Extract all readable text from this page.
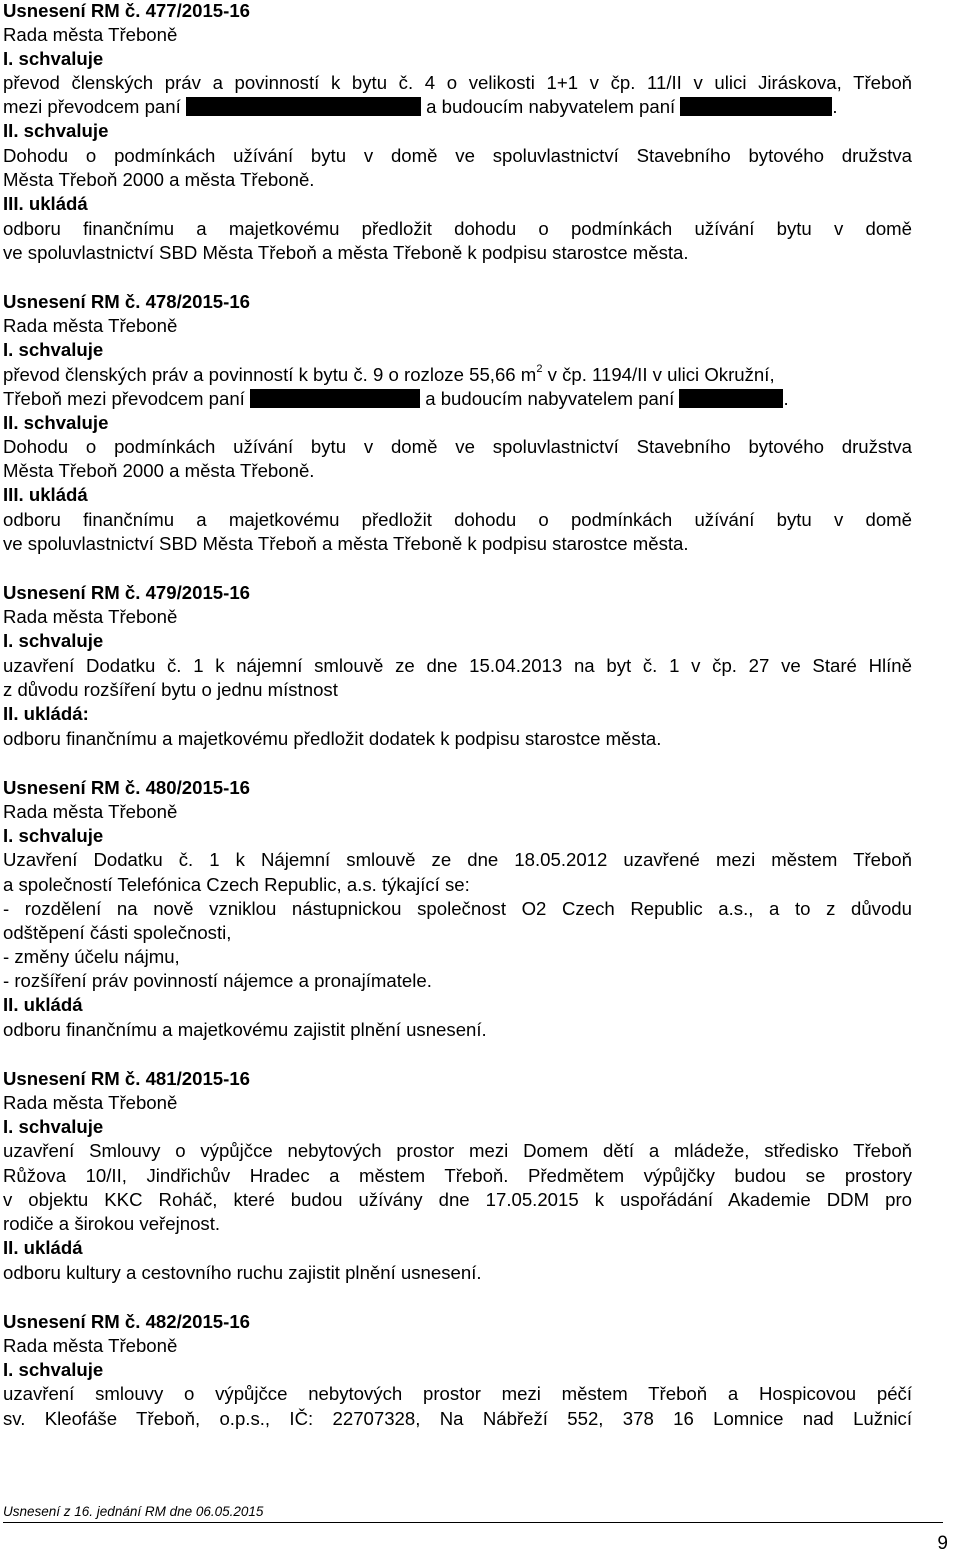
Usnesení RM č. 477/2015-16
Rada města Třeboně
I. schvaluje
převod členských práv a povinností k bytu č. 4 o velikosti 1+1 v čp. 11/II v ulici Jiráskova, Třeboň
mezi převodcem paní	a budoucím nabyvatelem paní	.
II. schvaluje
Dohodu o podmínkách užívání bytu v domě ve spoluvlastnictví Stavebního bytového družstva
Města Třeboň 2000 a města Třeboně.
III. ukládá
odboru finančnímu a majetkovému předložit dohodu o podmínkách užívání bytu v domě
ve spoluvlastnictví SBD Města Třeboň a města Třeboně k podpisu starostce města.
Usnesení RM č. 478/2015-16
Rada města Třeboně
I. schvaluje
převod členských práv a povinností k bytu č. 9 o rozloze 55,66 $m^2$ v čp. 1194/II v ulici Okružní,
Třeboň mezi převodcem paní	a budoucím nabyvatelem paní	.
II. schvaluje
Dohodu o podmínkách užívání bytu v domě ve spoluvlastnictví Stavebního bytového družstva
Města Třeboň 2000 a města Třeboně.
III. ukládá
odboru finančnímu a majetkovému předložit dohodu o podmínkách užívání bytu v domě
ve spoluvlastnictví SBD Města Třeboň a města Třeboně k podpisu starostce města.
Usnesení RM č. 479/2015-16
Rada města Třeboně
I. schvaluje
uzavření Dodatku č. 1 k nájemní smlouvě ze dne 15.04.2013 na byt č. 1 v čp. 27 ve Staré Hlíně
z důvodu rozšíření bytu o jednu místnost
II. ukládá:
odboru finančnímu a majetkovému předložit dodatek k podpisu starostce města.
Usnesení RM č. 480/2015-16
Rada města Třeboně
I. schvaluje
Uzavření Dodatku č. 1 k Nájemní smlouvě ze dne 18.05.2012 uzavřené mezi městem Třeboň
a společností Telefónica Czech Republic, a.s. týkající se:
- rozdělení na nově vzniklou nástupnickou společnost O2 Czech Republic a.s., a to z důvodu
odštěpení části společnosti,
- změny účelu nájmu,
- rozšíření práv povinností nájemce a pronajímatele.
II. ukládá
odboru finančnímu a majetkovému zajistit plnění usnesení.
Usnesení RM č. 481/2015-16
Rada města Třeboně
I. schvaluje
uzavření Smlouvy o výpůjčce nebytových prostor mezi Domem dětí a mládeže, středisko Třeboň
Růžova 10/II, Jindřichův Hradec a městem Třeboň. Předmětem výpůjčky budou se prostory
v objektu KKC Roháč, které budou užívány dne 17.05.2015 k uspořádání Akademie DDM pro
rodiče a širokou veřejnost.
II. ukládá
odboru kultury a cestovního ruchu zajistit plnění usnesení.
Usnesení RM č. 482/2015-16
Rada města Třeboně
I. schvaluje
uzavření smlouvy o výpůjčce nebytových prostor mezi městem Třeboň a Hospicovou péčí
sv. Kleofáše Třeboň, o.p.s., IČ: 22707328, Na Nábřeží 552, 378 16 Lomnice nad Lužnicí
Usnesení z 16. jednání RM dne 06.05.2015
9
